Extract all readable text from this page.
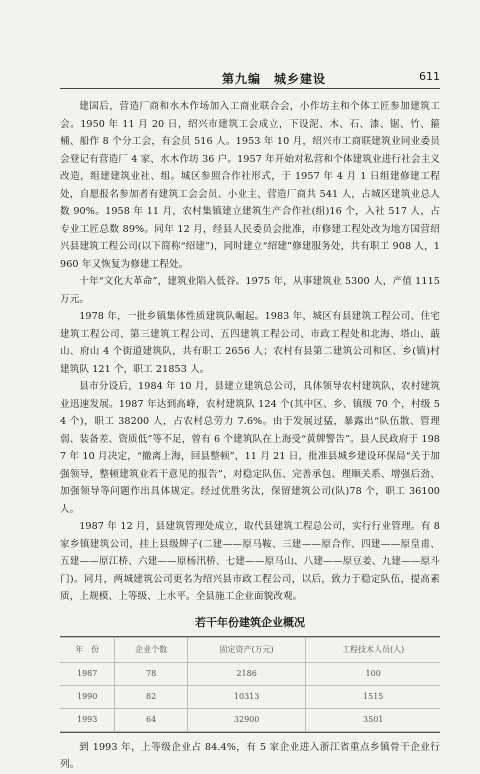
第九编　城乡建设	611

建国后，营造厂商和水木作场加入工商业联合会，小作坊主和个体工匠参加建筑工会。1950 年 11 月 20 日，绍兴市建筑工会成立，下设泥、木、石、漆、锯、竹、箍桶、船作 8 个分工会，有会员 516 人。1953 年 10 月，绍兴市工商联建筑业同业委员会登记有营造厂 4 家、水木作坊 36 户。1957 年开始对私营和个体建筑业进行社会主义改造，组建建筑业社、组。城区参照合作社形式，于 1957 年 4 月 1 日组建修建工程处，自愿报名参加者有建筑工会会员、小业主、营造厂商共 541 人，占城区建筑业总人数 90%。1958 年 11 月，农村集镇建立建筑生产合作社(组)16 个，入社 517 人，占专业工匠总数 89%。同年 12 月，经县人民委员会批准，市修建工程处改为地方国营绍兴县建筑工程公司(以下简称“绍建”)，同时建立“绍建”修建服务处，共有职工 908 人，1960 年又恢复为修建工程处。

十年“文化大革命”，建筑业陷入低谷。1975 年，从事建筑业 5300 人，产值 1115 万元。

1978 年，一批乡镇集体性质建筑队崛起。1983 年，城区有县建筑工程公司、住宅建筑工程公司、第三建筑工程公司、五四建筑工程公司、市政工程处和北海、塔山、蕺山、府山 4 个街道建筑队，共有职工 2656 人；农村有县第二建筑公司和区、乡(镇)村建筑队 121 个，职工 21853 人。

县市分设后，1984 年 10 月，县建立建筑总公司，具体领导农村建筑队，农村建筑业迅速发展。1987 年达到高峰，农村建筑队 124 个(其中区、乡、镇级 70 个，村级 54 个)，职工 38200 人，占农村总劳力 7.6%。由于发展过猛，暴露出“队伍散、管理弱、装备差、资质低”等不足，曾有 6 个建筑队在上海受“黄牌警告”。县人民政府于 1987 年 10 月决定，“撤离上海，回县整顿”，11 月 21 日，批准县城乡建设环保局“关于加强领导，整顿建筑业若干意见的报告”，对稳定队伍、完善承包、理顺关系、增强后劲、加强领导等问题作出具体规定。经过优胜劣汰，保留建筑公司(队)78 个，职工 36100 人。

1987 年 12 月，县建筑管理处成立，取代县建筑工程总公司，实行行业管理。有 8 家乡镇建筑公司，挂上县级牌子(二建——原马鞍、三建——原合作、四建——原皇甫、五建——原江桥、六建——原杨汛桥、七建——原马山、八建——原豆姜、九建——原斗门)。同月，两城建筑公司更名为绍兴县市政工程公司，以后，致力于稳定队伍，提高素质，上规模、上等级、上水平。全县施工企业面貌改观。

若干年份建筑企业概况
年　份	企业个数	固定资产(万元)	工程技术人员(人)
1987	78	2186	100
1990	82	10313	1515
1993	64	32900	3501

到 1993 年，上等级企业占 84.4%，有 5 家企业进入浙江省重点乡镇骨干企业行列。
